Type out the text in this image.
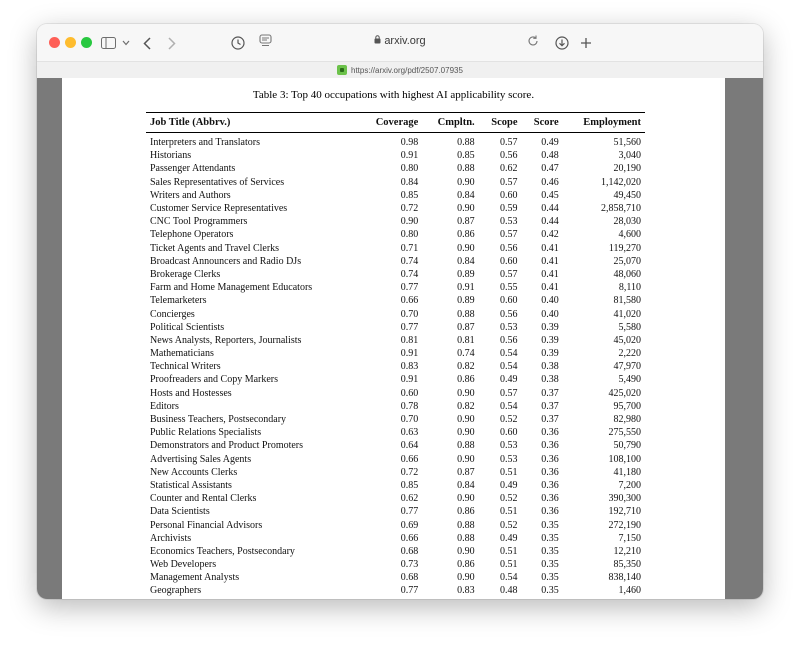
arxiv.org
https://arxiv.org/pdf/2507.07935
Table 3: Top 40 occupations with highest AI applicability score.
Job Title (Abbrv.)	Coverage	Cmpltn.	Scope	Score	Employment
Interpreters and Translators	0.98	0.88	0.57	0.49	51,560
Historians	0.91	0.85	0.56	0.48	3,040
Passenger Attendants	0.80	0.88	0.62	0.47	20,190
Sales Representatives of Services	0.84	0.90	0.57	0.46	1,142,020
Writers and Authors	0.85	0.84	0.60	0.45	49,450
Customer Service Representatives	0.72	0.90	0.59	0.44	2,858,710
CNC Tool Programmers	0.90	0.87	0.53	0.44	28,030
Telephone Operators	0.80	0.86	0.57	0.42	4,600
Ticket Agents and Travel Clerks	0.71	0.90	0.56	0.41	119,270
Broadcast Announcers and Radio DJs	0.74	0.84	0.60	0.41	25,070
Brokerage Clerks	0.74	0.89	0.57	0.41	48,060
Farm and Home Management Educators	0.77	0.91	0.55	0.41	8,110
Telemarketers	0.66	0.89	0.60	0.40	81,580
Concierges	0.70	0.88	0.56	0.40	41,020
Political Scientists	0.77	0.87	0.53	0.39	5,580
News Analysts, Reporters, Journalists	0.81	0.81	0.56	0.39	45,020
Mathematicians	0.91	0.74	0.54	0.39	2,220
Technical Writers	0.83	0.82	0.54	0.38	47,970
Proofreaders and Copy Markers	0.91	0.86	0.49	0.38	5,490
Hosts and Hostesses	0.60	0.90	0.57	0.37	425,020
Editors	0.78	0.82	0.54	0.37	95,700
Business Teachers, Postsecondary	0.70	0.90	0.52	0.37	82,980
Public Relations Specialists	0.63	0.90	0.60	0.36	275,550
Demonstrators and Product Promoters	0.64	0.88	0.53	0.36	50,790
Advertising Sales Agents	0.66	0.90	0.53	0.36	108,100
New Accounts Clerks	0.72	0.87	0.51	0.36	41,180
Statistical Assistants	0.85	0.84	0.49	0.36	7,200
Counter and Rental Clerks	0.62	0.90	0.52	0.36	390,300
Data Scientists	0.77	0.86	0.51	0.36	192,710
Personal Financial Advisors	0.69	0.88	0.52	0.35	272,190
Archivists	0.66	0.88	0.49	0.35	7,150
Economics Teachers, Postsecondary	0.68	0.90	0.51	0.35	12,210
Web Developers	0.73	0.86	0.51	0.35	85,350
Management Analysts	0.68	0.90	0.54	0.35	838,140
Geographers	0.77	0.83	0.48	0.35	1,460
